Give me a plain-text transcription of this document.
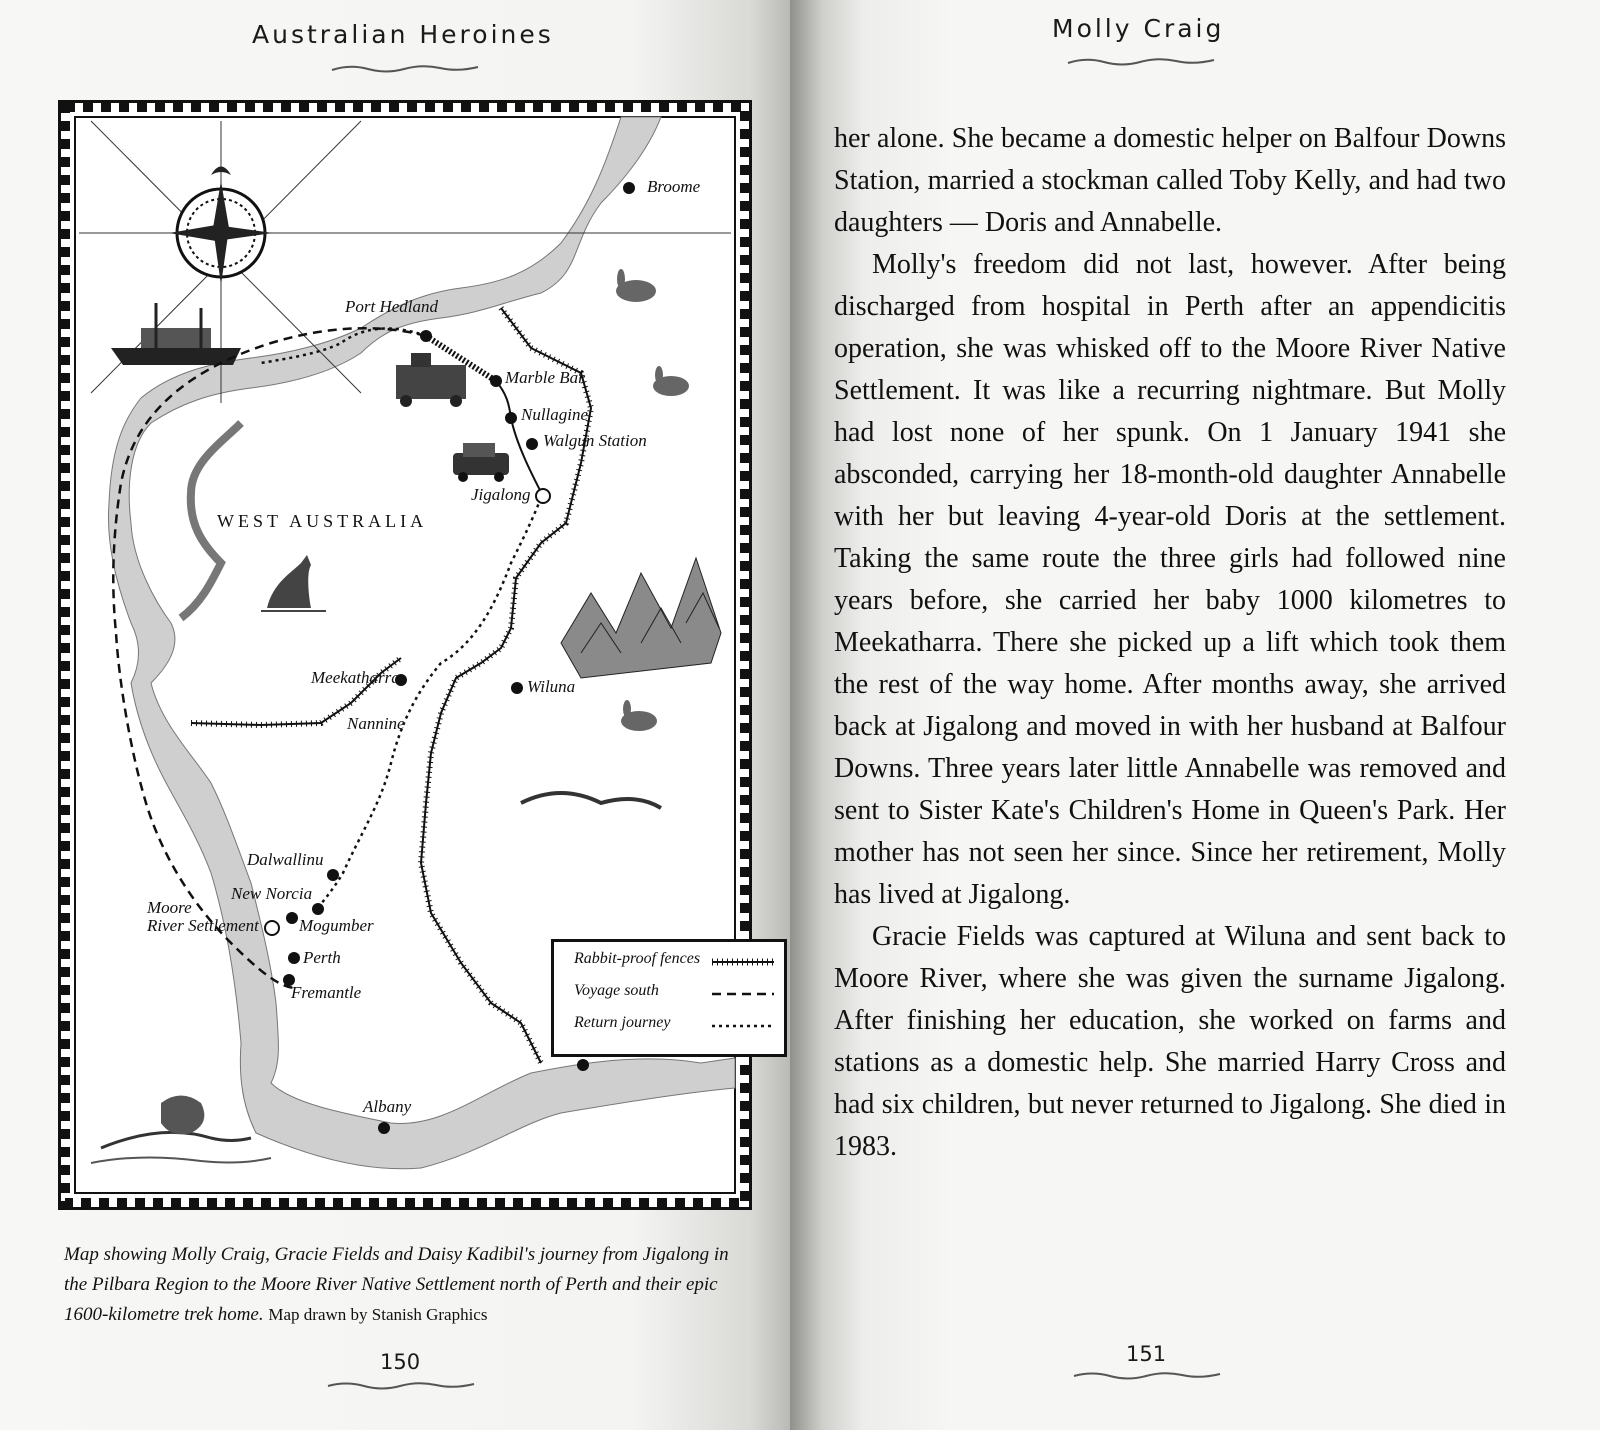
Australian Heroines
Broome
Port Hedland
Marble Bar
Nullagine
Walgun Station
Jigalong
WEST AUSTRALIA
Meekatharra	Wiluna
Nannine
Dalwallinu
New Norcia
Moore
River Settlement Mogumber
Perth
Fremantle
Albany
Rabbit-proof fences
Voyage south
Return journey
Map showing Molly Craig, Gracie Fields and Daisy Kadibil's journey from Jigalong in the Pilbara Region to the Moore River Native Settlement north of Perth and their epic 1600-kilometre trek home. Map drawn by Stanish Graphics
150
Molly Craig
151

her alone. She became a domestic helper on Balfour Downs Station, married a stockman called Toby Kelly, and had two daughters — Doris and Annabelle.

Molly's freedom did not last, however. After being discharged from hospital in Perth after an appendicitis operation, she was whisked off to the Moore River Native Settlement. It was like a recurring nightmare. But Molly had lost none of her spunk. On 1 January 1941 she absconded, carrying her 18-month-old daughter Annabelle with her but leaving 4-year-old Doris at the settlement. Taking the same route the three girls had followed nine years before, she carried her baby 1000 kilometres to Meekatharra. There she picked up a lift which took them the rest of the way home. After months away, she arrived back at Jigalong and moved in with her husband at Balfour Downs. Three years later little Annabelle was removed and sent to Sister Kate's Children's Home in Queen's Park. Her mother has not seen her since. Since her retirement, Molly has lived at Jigalong.

Gracie Fields was captured at Wiluna and sent back to Moore River, where she was given the surname Jigalong. After finishing her education, she worked on farms and stations as a domestic help. She married Harry Cross and had six children, but never returned to Jigalong. She died in 1983.
